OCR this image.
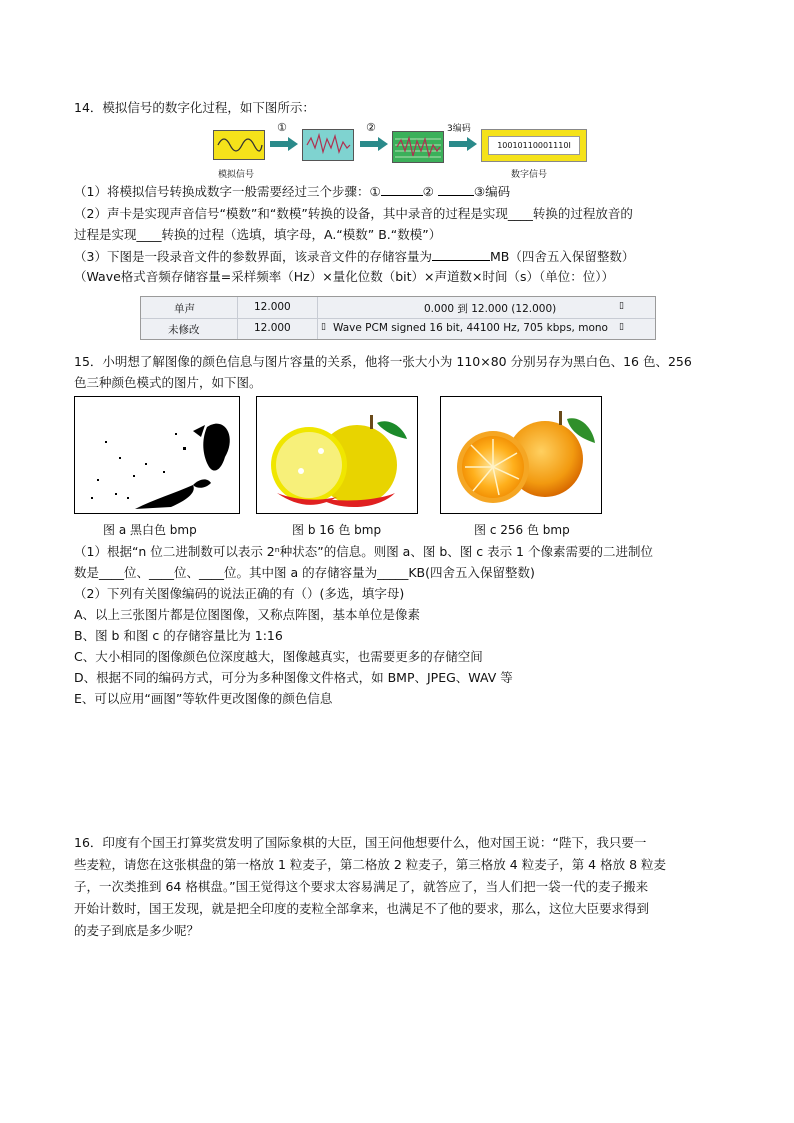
14．模拟信号的数字化过程，如下图所示：
模拟信号
①	②	3编码
10010110001110I
数字信号
（1）将模拟信号转换成数字一般需要经过三个步骤：①	②	③编码
（2）声卡是实现声音信号“模数”和“数模”转换的设备，其中录音的过程是实现____转换的过程放音的
过程是实现____转换的过程（选填，填字母，A.“模数” B.“数模”）
（3）下图是一段录音文件的参数界面，该录音文件的存储容量为	MB（四舍五入保留整数）
（Wave格式音频存储容量=采样频率（Hz）×量化位数（bit）×声道数×时间（s）（单位：位））
单声	12.000	0.000 到 12.000 (12.000)	▯
未修改	12.000	▯ Wave PCM signed 16 bit, 44100 Hz, 705 kbps, mono ▯
15．小明想了解图像的颜色信息与图片容量的关系，他将一张大小为 110×80 分别另存为黑白色、16 色、256
色三种颜色模式的图片，如下图。
图 a 黑白色 bmp	图 b 16 色 bmp	图 c 256 色 bmp
（1）根据“n 位二进制数可以表示 2ⁿ种状态”的信息。则图 a、图 b、图 c 表示 1 个像素需要的二进制位
数是____位、____位、____位。其中图 a 的存储容量为_____KB(四舍五入保留整数)
（2）下列有关图像编码的说法正确的有（）(多选，填字母)
A、以上三张图片都是位图图像，又称点阵图，基本单位是像素
B、图 b 和图 c 的存储容量比为 1:16
C、大小相同的图像颜色位深度越大，图像越真实，也需要更多的存储空间
D、根据不同的编码方式，可分为多种图像文件格式，如 BMP、JPEG、WAV 等
E、可以应用“画图”等软件更改图像的颜色信息
16．印度有个国王打算奖赏发明了国际象棋的大臣，国王问他想要什么，他对国王说：“陛下，我只要一
些麦粒，请您在这张棋盘的第一格放 1 粒麦子，第二格放 2 粒麦子，第三格放 4 粒麦子，第 4 格放 8 粒麦
子，一次类推到 64 格棋盘。”国王觉得这个要求太容易满足了，就答应了，当人们把一袋一代的麦子搬来
开始计数时，国王发现，就是把全印度的麦粒全部拿来，也满足不了他的要求，那么，这位大臣要求得到
的麦子到底是多少呢？
